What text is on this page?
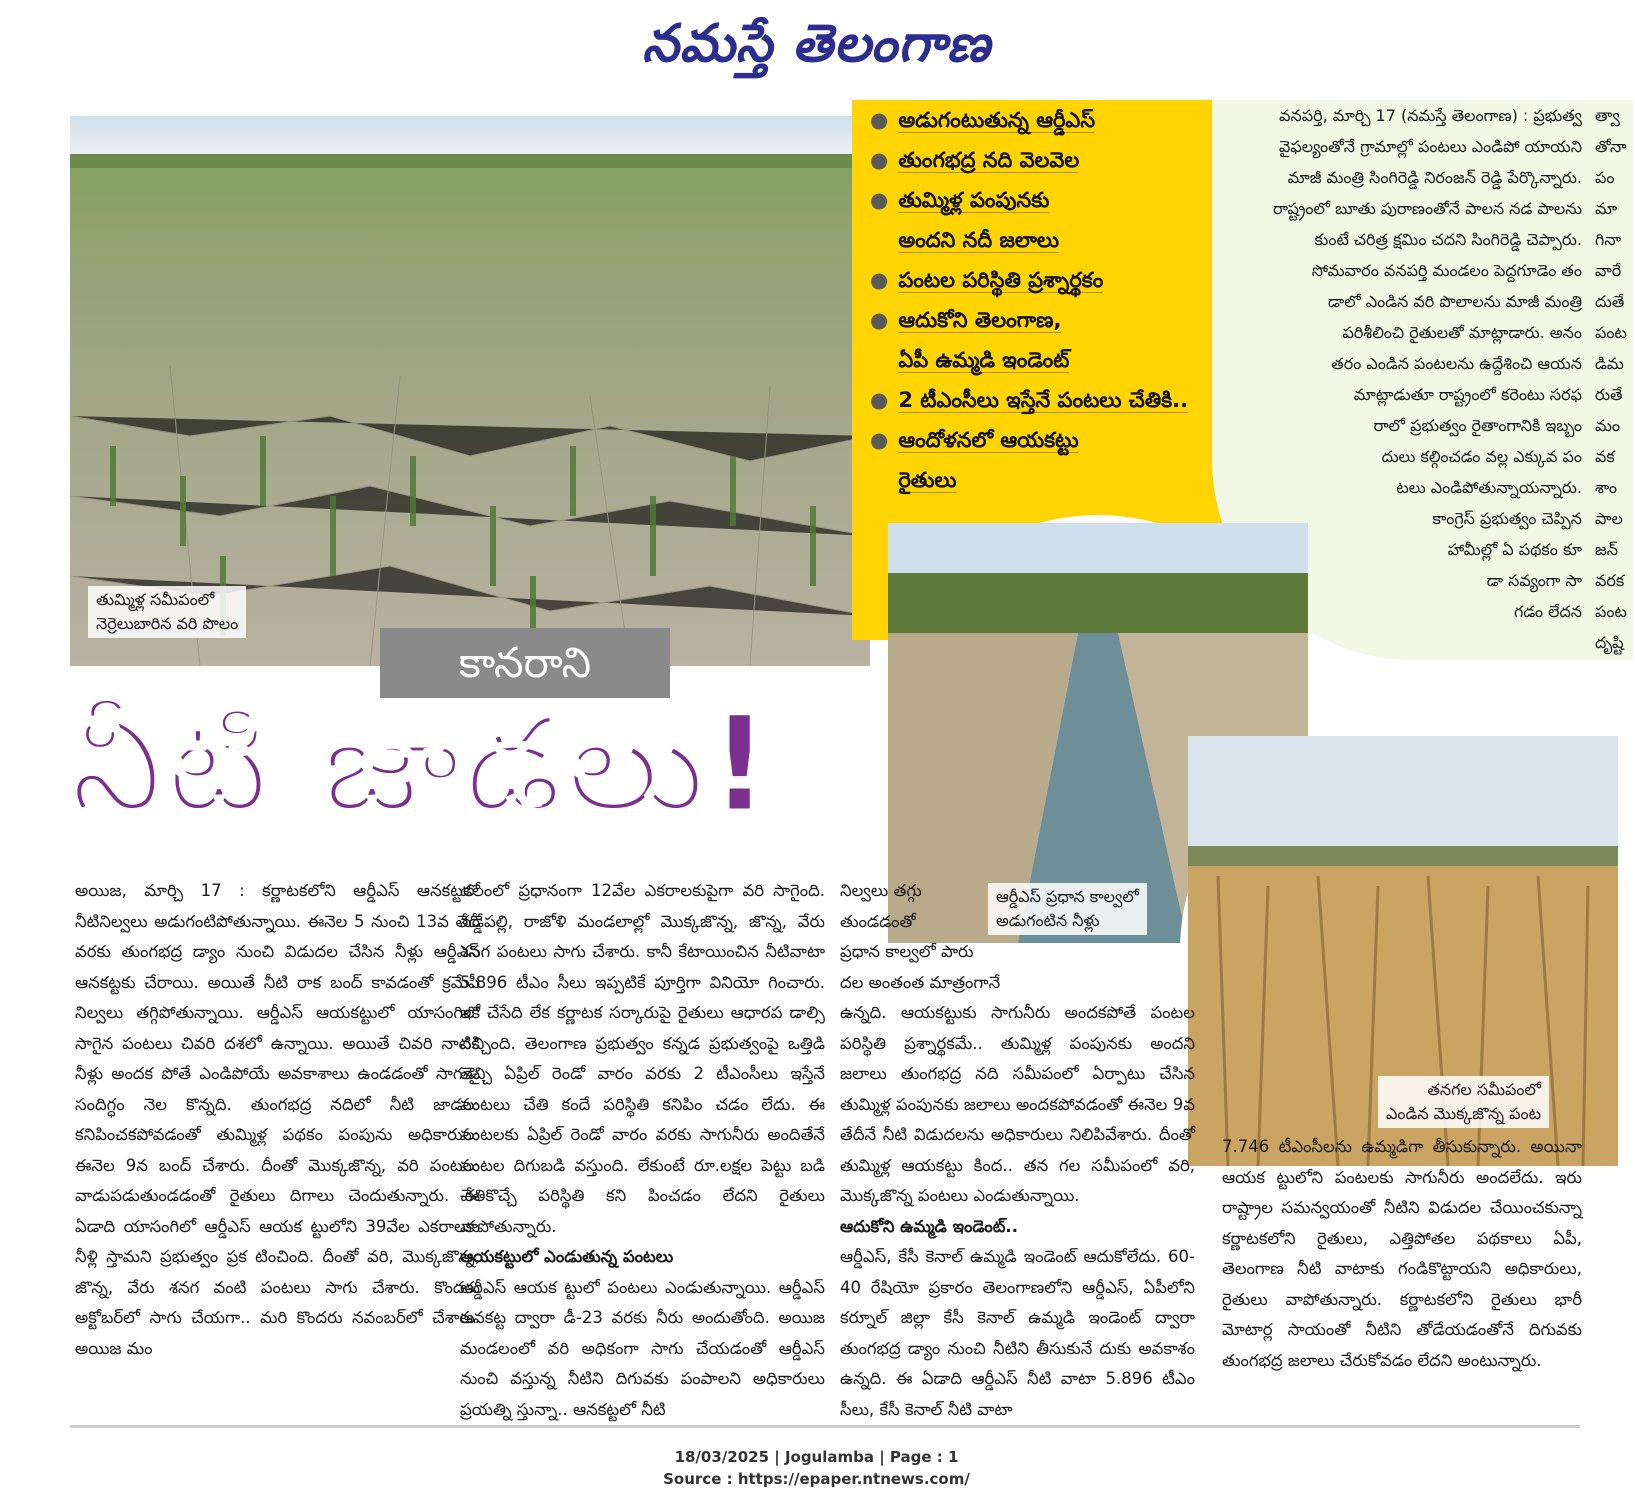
నమస్తే తెలంగాణ
తుమ్మిళ్ల సమీపంలో
నెర్రెలుబారిన వరి పొలం
● అడుగంటుతున్న ఆర్డీఎస్
● తుంగభద్ర నది వెలవెల
● తుమ్మిళ్ల పంపునకు
అందని నదీ జలాలు
● పంటల పరిస్థితి ప్రశ్నార్థకం
● ఆదుకోని తెలంగాణ,
ఏపీ ఉమ్మడి ఇండెంట్
● 2 టీఎంసీలు ఇస్తేనే పంటలు చేతికి..
● ఆందోళనలో ఆయకట్టు
రైతులు

వనపర్తి, మార్చి 17 (నమస్తే తెలంగాణ) : ప్రభుత్వ

వైఫల్యంతోనే గ్రామాల్లో పంటలు ఎండిపో యాయని

మాజీ మంత్రి సింగిరెడ్డి నిరంజన్ రెడ్డి పేర్కొన్నారు.

రాష్ట్రంలో బూతు పురాణంతోనే పాలన నడ పాలను

కుంటే చరిత్ర క్షమిం చదని సింగిరెడ్డి చెప్పారు.

సోమవారం వనపర్తి మండలం పెద్దగూడెం తం

డాలో ఎండిన వరి పొలాలను మాజీ మంత్రి

పరిశీలించి రైతులతో మాట్లాడారు. అనం

తరం ఎండిన పంటలను ఉద్దేశించి ఆయన

మాట్లాడుతూ రాష్ట్రంలో కరెంటు సరఫ

రాలో ప్రభుత్వం రైతాంగానికి ఇబ్బం

దులు కల్గించడం వల్ల ఎక్కువ పం

టలు ఎండిపోతున్నాయన్నారు.

కాంగ్రెస్ ప్రభుత్వం చెప్పిన

హామీల్లో ఏ పథకం కూ

డా సవ్యంగా సా

గడం లేదన

త్వా
తోనా
పం
మా
గినా
వారే
దుతే
పంట
డిమ
రుతే
మం
వక
శాం
పాల
జన్
వరక
పంట
దృష్టి
కానరాని
నీటి జాడలు!
ఆర్డీఎస్ ప్రధాన కాల్వలో
అడుగంటిన నీళ్లు
తనగల సమీపంలో
ఎండిన మొక్కజొన్న పంట

అయిజ, మార్చి 17 : కర్ణాటకలోని ఆర్డీఎస్ ఆనకట్టలో నీటినిల్వలు అడుగంటిపోతున్నాయి. ఈనెల 5 నుంచి 13వ తేదీ వరకు తుంగభద్ర డ్యాం నుంచి విడుదల చేసిన నీళ్లు ఆర్డీఎస్ ఆనకట్టకు చేరాయి. అయితే నీటి రాక బంద్ కావడంతో క్రమేపీ నిల్వలు తగ్గిపోతున్నాయి. ఆర్డీఎస్ ఆయకట్టులో యాసంగిలో సాగైన పంటలు చివరి దశలో ఉన్నాయి. అయితే చివరి నాటికి నీళ్లు అందక పోతే ఎండిపోయే అవకాశాలు ఉండడంతో సాగుపై సందిగ్ధం నెల కొన్నది. తుంగభద్ర నదిలో నీటి జాడలు కనిపించకపోవడంతో తుమ్మిళ్ల పథకం పంపును అధికారులు ఈనెల 9న బంద్ చేశారు. దీంతో మొక్కజొన్న, వరి పంటలు వాడుపడుతుండడంతో రైతులు దిగాలు చెందుతున్నారు. ఈ ఏడాది యాసంగిలో ఆర్డీఎస్ ఆయక ట్టులోని 39వేల ఎకరాలకు నీళ్లి స్తామని ప్రభుత్వం ప్రక టించింది. దీంతో వరి, మొక్కజొన్న, జొన్న, వేరు శనగ వంటి పంటలు సాగు చేశారు. కొందరు అక్టోబర్‌లో సాగు చేయగా.. మరి కొందరు నవంబర్‌లో చేశారు. అయిజ మం

డలంలో ప్రధానంగా 12వేల ఎకరాలకుపైగా వరి సాగైంది. వడ్డేపల్లి, రాజోళి మండలాల్లో మొక్కజొన్న, జొన్న, వేరు శనగ పంటలు సాగు చేశారు. కానీ కేటాయించిన నీటివాటా 5.896 టీఎం సీలు ఇప్పటికే పూర్తిగా వినియో గించారు. ఇక చేసేది లేక కర్ణాటక సర్కారుపై రైతులు ఆధారప డాల్సి వచ్చింది. తెలంగాణ ప్రభుత్వం కన్నడ ప్రభుత్వంపై ఒత్తిడి తెచ్చి ఏప్రిల్ రెండో వారం వరకు 2 టీఎంసీలు ఇస్తేనే పంటలు చేతి కందే పరిస్థితి కనిపిం చడం లేదు. ఈ పంటలకు ఏప్రిల్ రెండో వారం వరకు సాగునీరు అందితేనే పంటల దిగుబడి వస్తుంది. లేకుంటే రూ.లక్షల పెట్టు బడి చేతికొచ్చే పరిస్థితి కని పించడం లేదని రైతులు వాపోతున్నారు.

ఆయకట్టులో ఎండుతున్న పంటలు

ఆర్డీఎస్ ఆయక ట్టులో పంటలు ఎండుతున్నాయి. ఆర్డీఎస్ ఆనకట్ట ద్వారా డీ-23 వరకు నీరు అందుతోంది. అయిజ మండలంలో వరి అధికంగా సాగు చేయడంతో ఆర్డీఎస్ నుంచి వస్తున్న నీటిని దిగువకు పంపాలని అధికారులు ప్రయత్ని స్తున్నా.. ఆనకట్టలో నీటి

నిల్వలు తగ్గు
తుండడంతో
ప్రధాన కాల్వలో పారు
దల అంతంత మాత్రంగానే

ఉన్నది. ఆయకట్టుకు సాగునీరు అందకపోతే పంటల పరిస్థితి ప్రశ్నార్థకమే.. తుమ్మిళ్ల పంపునకు అందని జలాలు తుంగభద్ర నది సమీపంలో ఏర్పాటు చేసిన తుమ్మిళ్ల పంపునకు జలాలు అందకపోవడంతో ఈనెల 9వ తేదీనే నీటి విడుదలను అధికారులు నిలిపివేశారు. దీంతో తుమ్మిళ్ల ఆయకట్టు కింద.. తన గల సమీపంలో వరి, మొక్కజొన్న పంటలు ఎండుతున్నాయి.

ఆదుకోని ఉమ్మడి ఇండెంట్..

ఆర్డీఎస్, కేసీ కెనాల్ ఉమ్మడి ఇండెంట్ ఆదుకోలేదు. 60- 40 రేషియో ప్రకారం తెలంగాణలోని ఆర్డీఎస్, ఏపీలోని కర్నూల్ జిల్లా కేసీ కెనాల్ ఉమ్మడి ఇండెంట్ ద్వారా తుంగభద్ర డ్యాం నుంచి నీటిని తీసుకునే దుకు అవకాశం ఉన్నది. ఈ ఏడాది ఆర్డీఎస్ నీటి వాటా 5.896 టీఎం సీలు, కేసీ కెనాల్ నీటి వాటా

7.746 టీఎంసీలను ఉమ్మడిగా తీసుకున్నారు. అయినా ఆయక ట్టులోని పంటలకు సాగునీరు అందలేదు. ఇరు రాష్ట్రాల సమన్వయంతో నీటిని విడుదల చేయించకున్నా కర్ణాటకలోని రైతులు, ఎత్తిపోతల పథకాలు ఏపీ, తెలంగాణ నీటి వాటాకు గండికొట్టాయని అధికారులు, రైతులు వాపోతున్నారు. కర్ణాటకలోని రైతులు భారీ మోటార్ల సాయంతో నీటిని తోడేయడంతోనే దిగువకు తుంగభద్ర జలాలు చేరుకోవడం లేదని అంటున్నారు.

18/03/2025 | Jogulamba | Page : 1
Source : https://epaper.ntnews.com/
